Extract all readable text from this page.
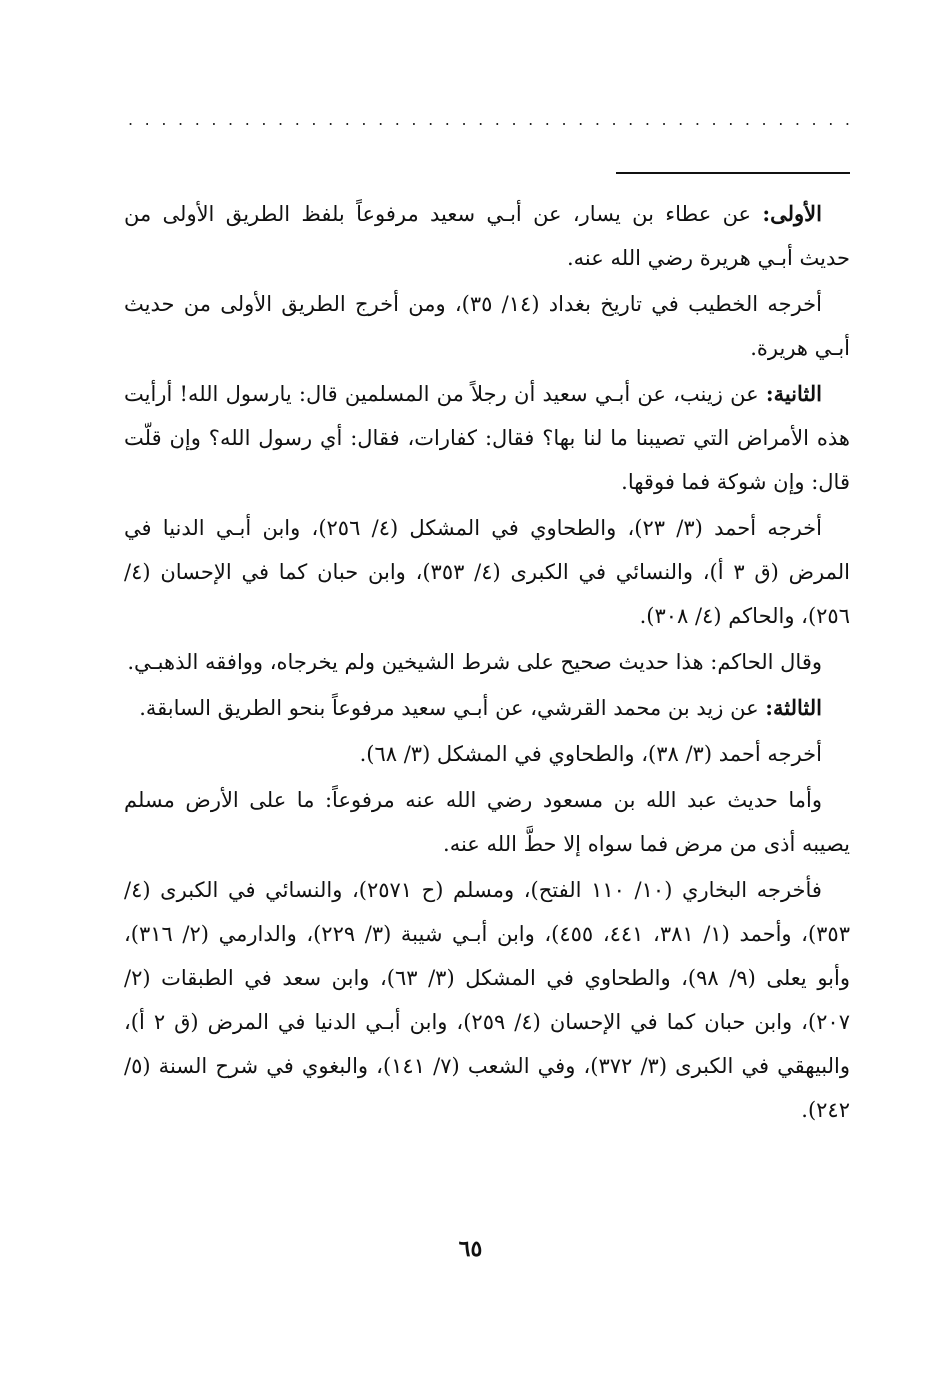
. . . . . . . . . . . . . . . . . . . . . . . . . . . . . . . . . . . . . . . . . . . .

الأولى: عن عطاء بن يسار، عن أبـي سعيد مرفوعاً بلفظ الطريق الأولى من حديث أبـي هريرة رضي الله عنه.

أخرجه الخطيب في تاريخ بغداد (١٤/ ٣٥)، ومن أخرج الطريق الأولى من حديث أبـي هريرة.

الثانية: عن زينب، عن أبـي سعيد أن رجلاً من المسلمين قال: يارسول الله! أرأيت هذه الأمراض التي تصيبنا ما لنا بها؟ فقال: كفارات، فقال: أي رسول الله؟ وإن قلّت قال: وإن شوكة فما فوقها.

أخرجه أحمد (٣/ ٢٣)، والطحاوي في المشكل (٤/ ٢٥٦)، وابن أبـي الدنيا في المرض (ق ٣ أ)، والنسائي في الكبرى (٤/ ٣٥٣)، وابن حبان كما في الإحسان (٤/ ٢٥٦)، والحاكم (٤/ ٣٠٨).

وقال الحاكم: هذا حديث صحيح على شرط الشيخين ولم يخرجاه، ووافقه الذهبـي.

الثالثة: عن زيد بن محمد القرشي، عن أبـي سعيد مرفوعاً بنحو الطريق السابقة.

أخرجه أحمد (٣/ ٣٨)، والطحاوي في المشكل (٣/ ٦٨).

وأما حديث عبد الله بن مسعود رضي الله عنه مرفوعاً: ما على الأرض مسلم يصيبه أذى من مرض فما سواه إلا حطَّ الله عنه.

فأخرجه البخاري (١٠/ ١١٠ الفتح)، ومسلم (ح ٢٥٧١)، والنسائي في الكبرى (٤/ ٣٥٣)، وأحمد (١/ ٣٨١، ٤٤١، ٤٥٥)، وابن أبـي شيبة (٣/ ٢٢٩)، والدارمي (٢/ ٣١٦)، وأبو يعلى (٩/ ٩٨)، والطحاوي في المشكل (٣/ ٦٣)، وابن سعد في الطبقات (٢/ ٢٠٧)، وابن حبان كما في الإحسان (٤/ ٢٥٩)، وابن أبـي الدنيا في المرض (ق ٢ أ)، والبيهقي في الكبرى (٣/ ٣٧٢)، وفي الشعب (٧/ ١٤١)، والبغوي في شرح السنة (٥/ ٢٤٢).

٦٥
